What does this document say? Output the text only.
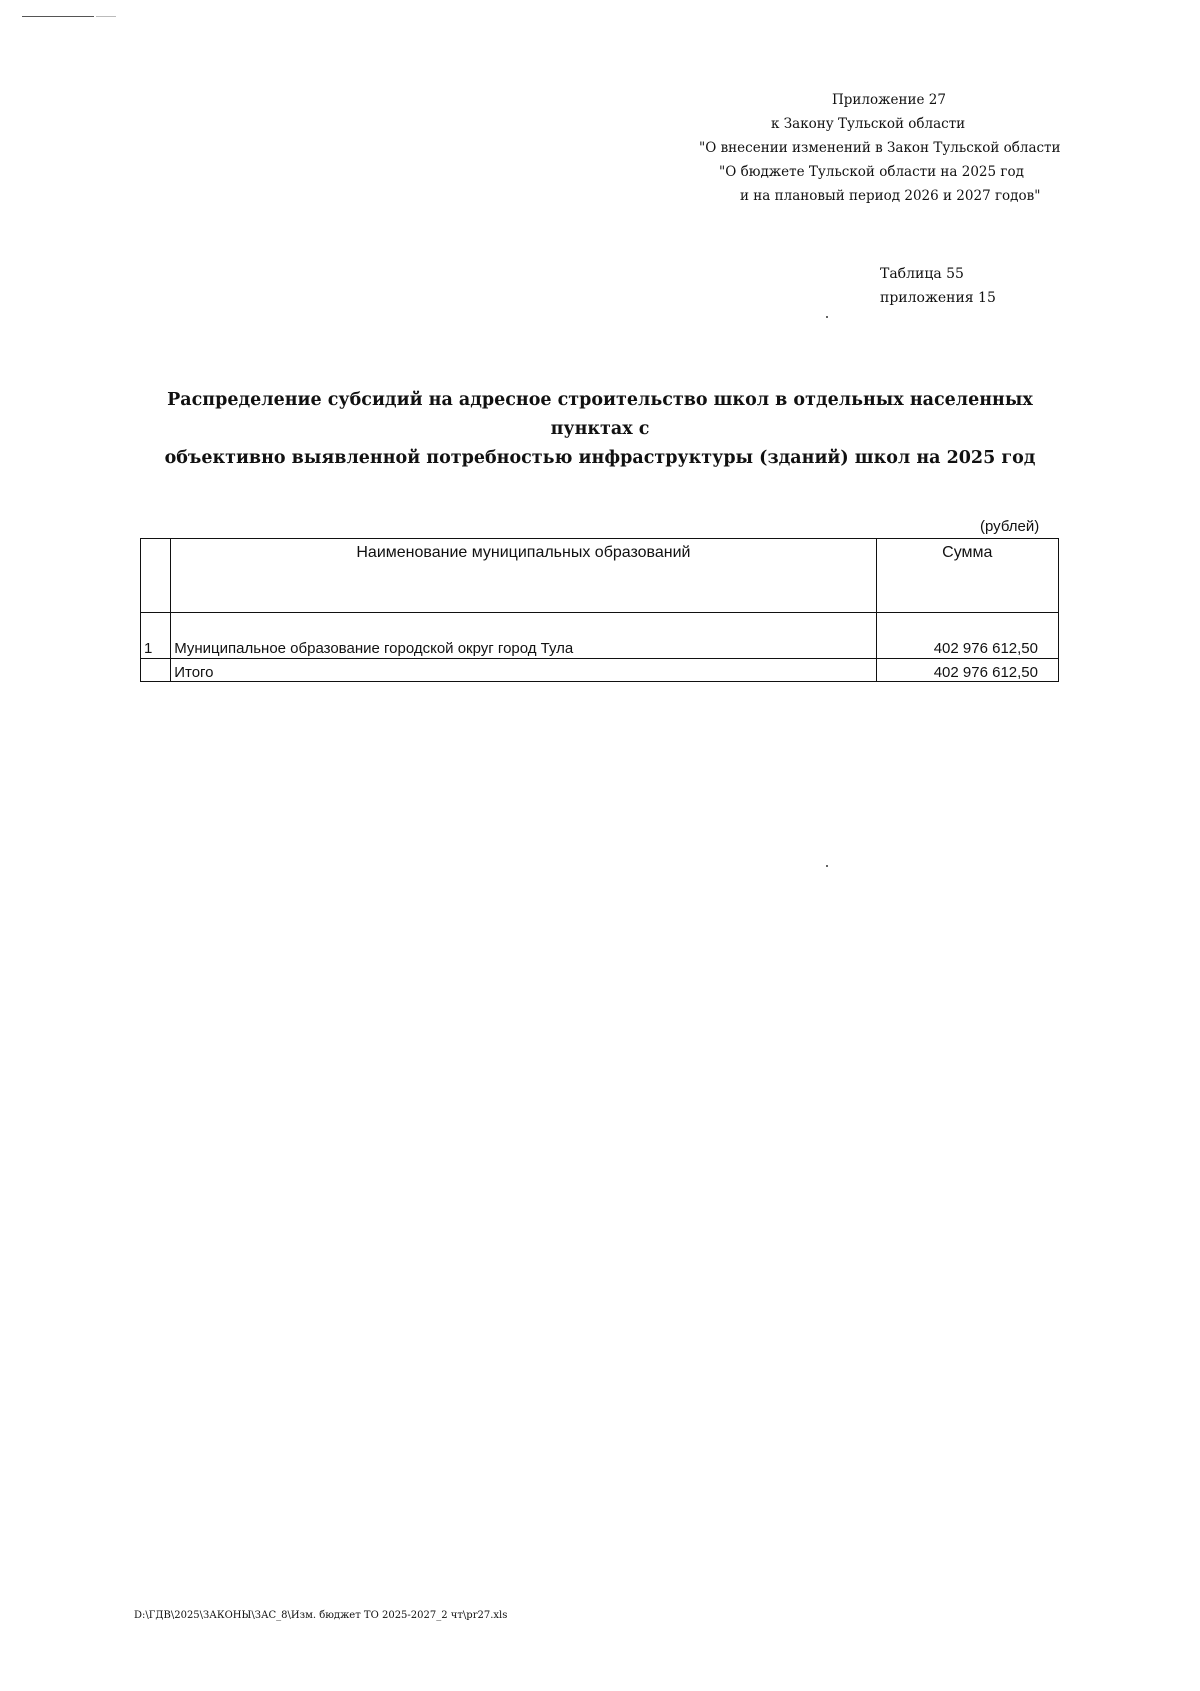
Приложение 27
к Закону Тульской области
"О внесении изменений в Закон Тульской области
"О бюджете Тульской области на 2025 год
и на плановый период 2026 и 2027 годов"
Таблица 55
приложения 15
Распределение субсидий на адресное строительство школ в отдельных населенных пунктах с
объективно выявленной потребностью инфраструктуры (зданий) школ на 2025 год
(рублей)
	Наименование муниципальных образований	Сумма
1	Муниципальное образование городской округ город Тула	402 976 612,50
	Итого	402 976 612,50
D:\ГДВ\2025\ЗАКОНЫ\ЗАС_8\Изм. бюджет ТО 2025-2027_2 чт\pr27.xls
